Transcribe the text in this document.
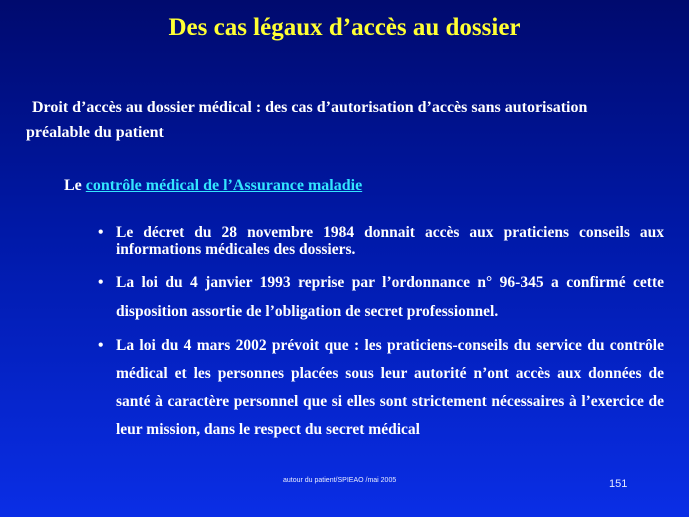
Des cas légaux d’accès au dossier
Droit d’accès au dossier médical : des cas d’autorisation d’accès sans autorisation
préalable du patient
Le contrôle médical de l’Assurance maladie
• Le décret du 28 novembre 1984 donnait accès aux praticiens conseils aux informations médicales des dossiers.
• La loi du 4 janvier 1993 reprise par l’ordonnance n° 96-345 a confirmé cette disposition assortie de l’obligation de secret professionnel.
• La loi du 4 mars 2002 prévoit que : les praticiens-conseils du service du contrôle médical et les personnes placées sous leur autorité n’ont accès aux données de santé à caractère personnel que si elles sont strictement nécessaires à l’exercice de leur mission, dans le respect du secret médical
autour du patient/SPIEAO /mai 2005	151
